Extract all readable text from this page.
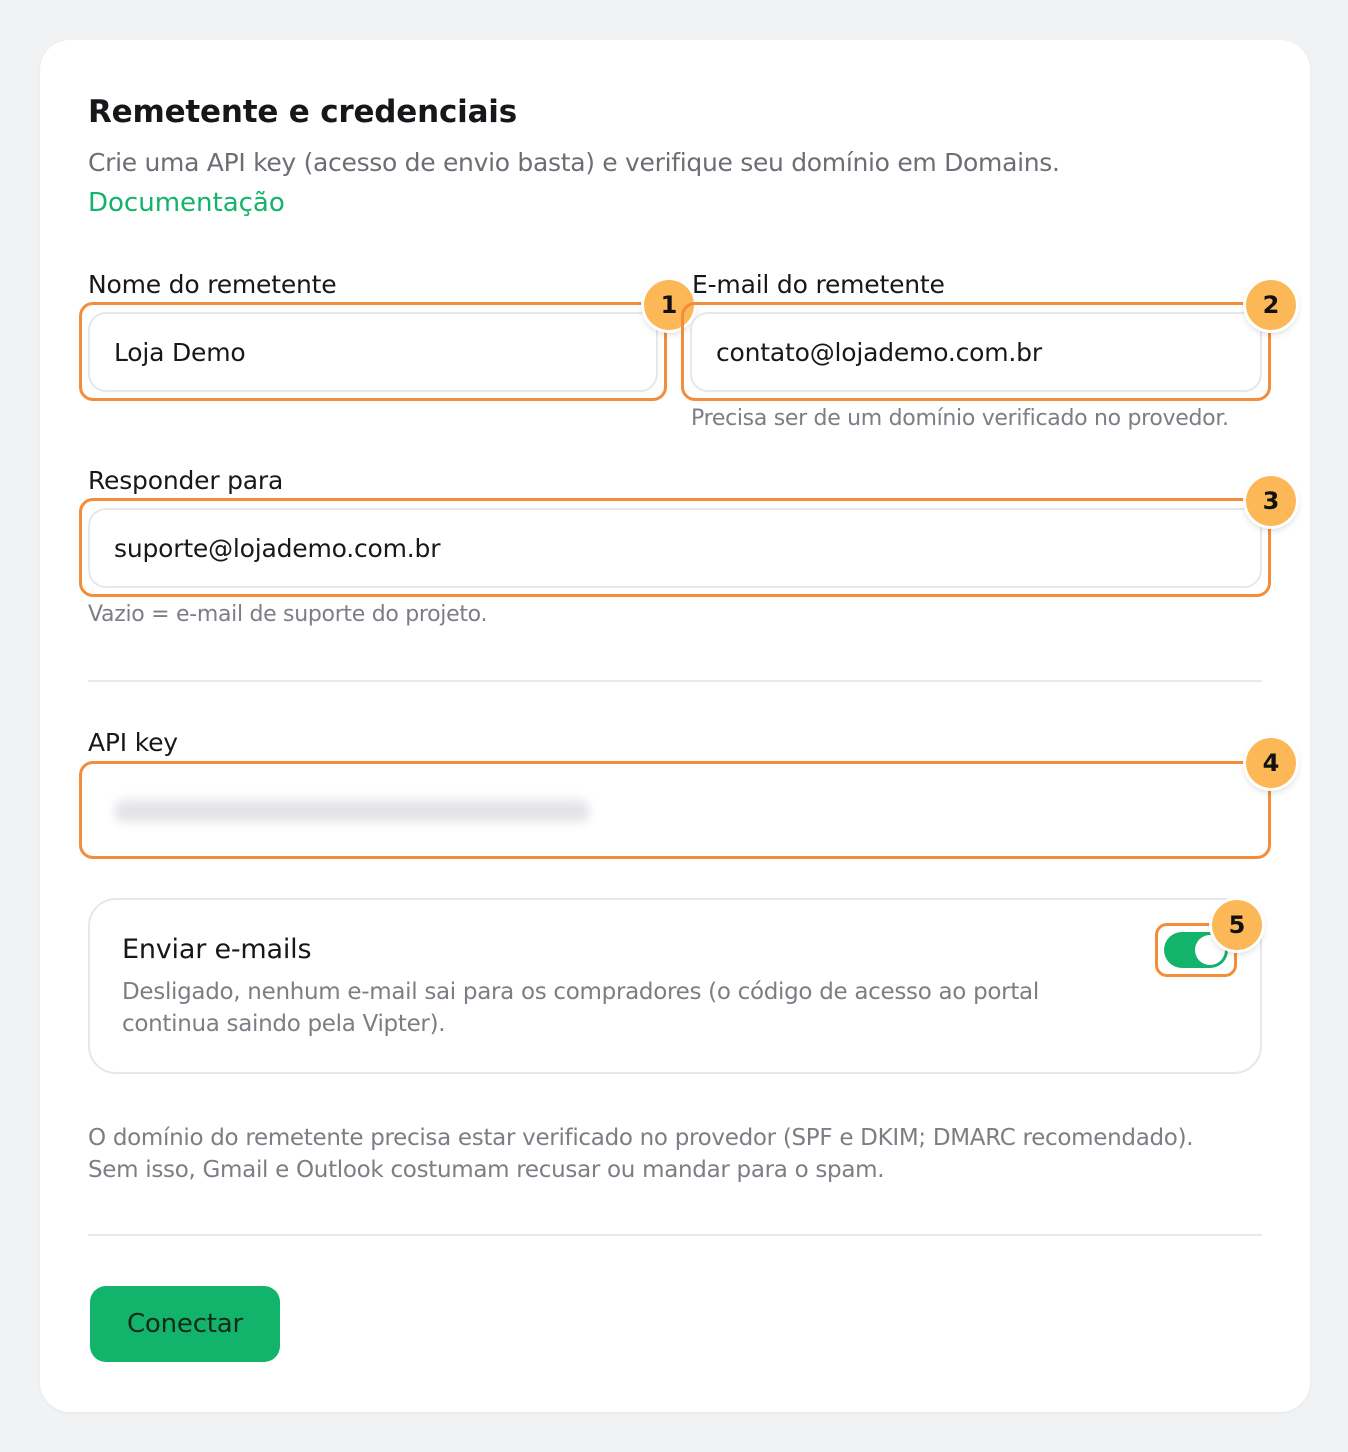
Remetente e credenciais
Crie uma API key (acesso de envio basta) e verifique seu domínio em Domains.
Documentação
Nome do remetente
Loja Demo
1
E-mail do remetente
contato@lojademo.com.br
2
Precisa ser de um domínio verificado no provedor.
Responder para
suporte@lojademo.com.br
3
Vazio = e-mail de suporte do projeto.
API key
4
Enviar e-mails
Desligado, nenhum e-mail sai para os compradores (o código de acesso ao portal continua saindo pela Vipter).
5
O domínio do remetente precisa estar verificado no provedor (SPF e DKIM; DMARC recomendado). Sem isso, Gmail e Outlook costumam recusar ou mandar para o spam.
Conectar
